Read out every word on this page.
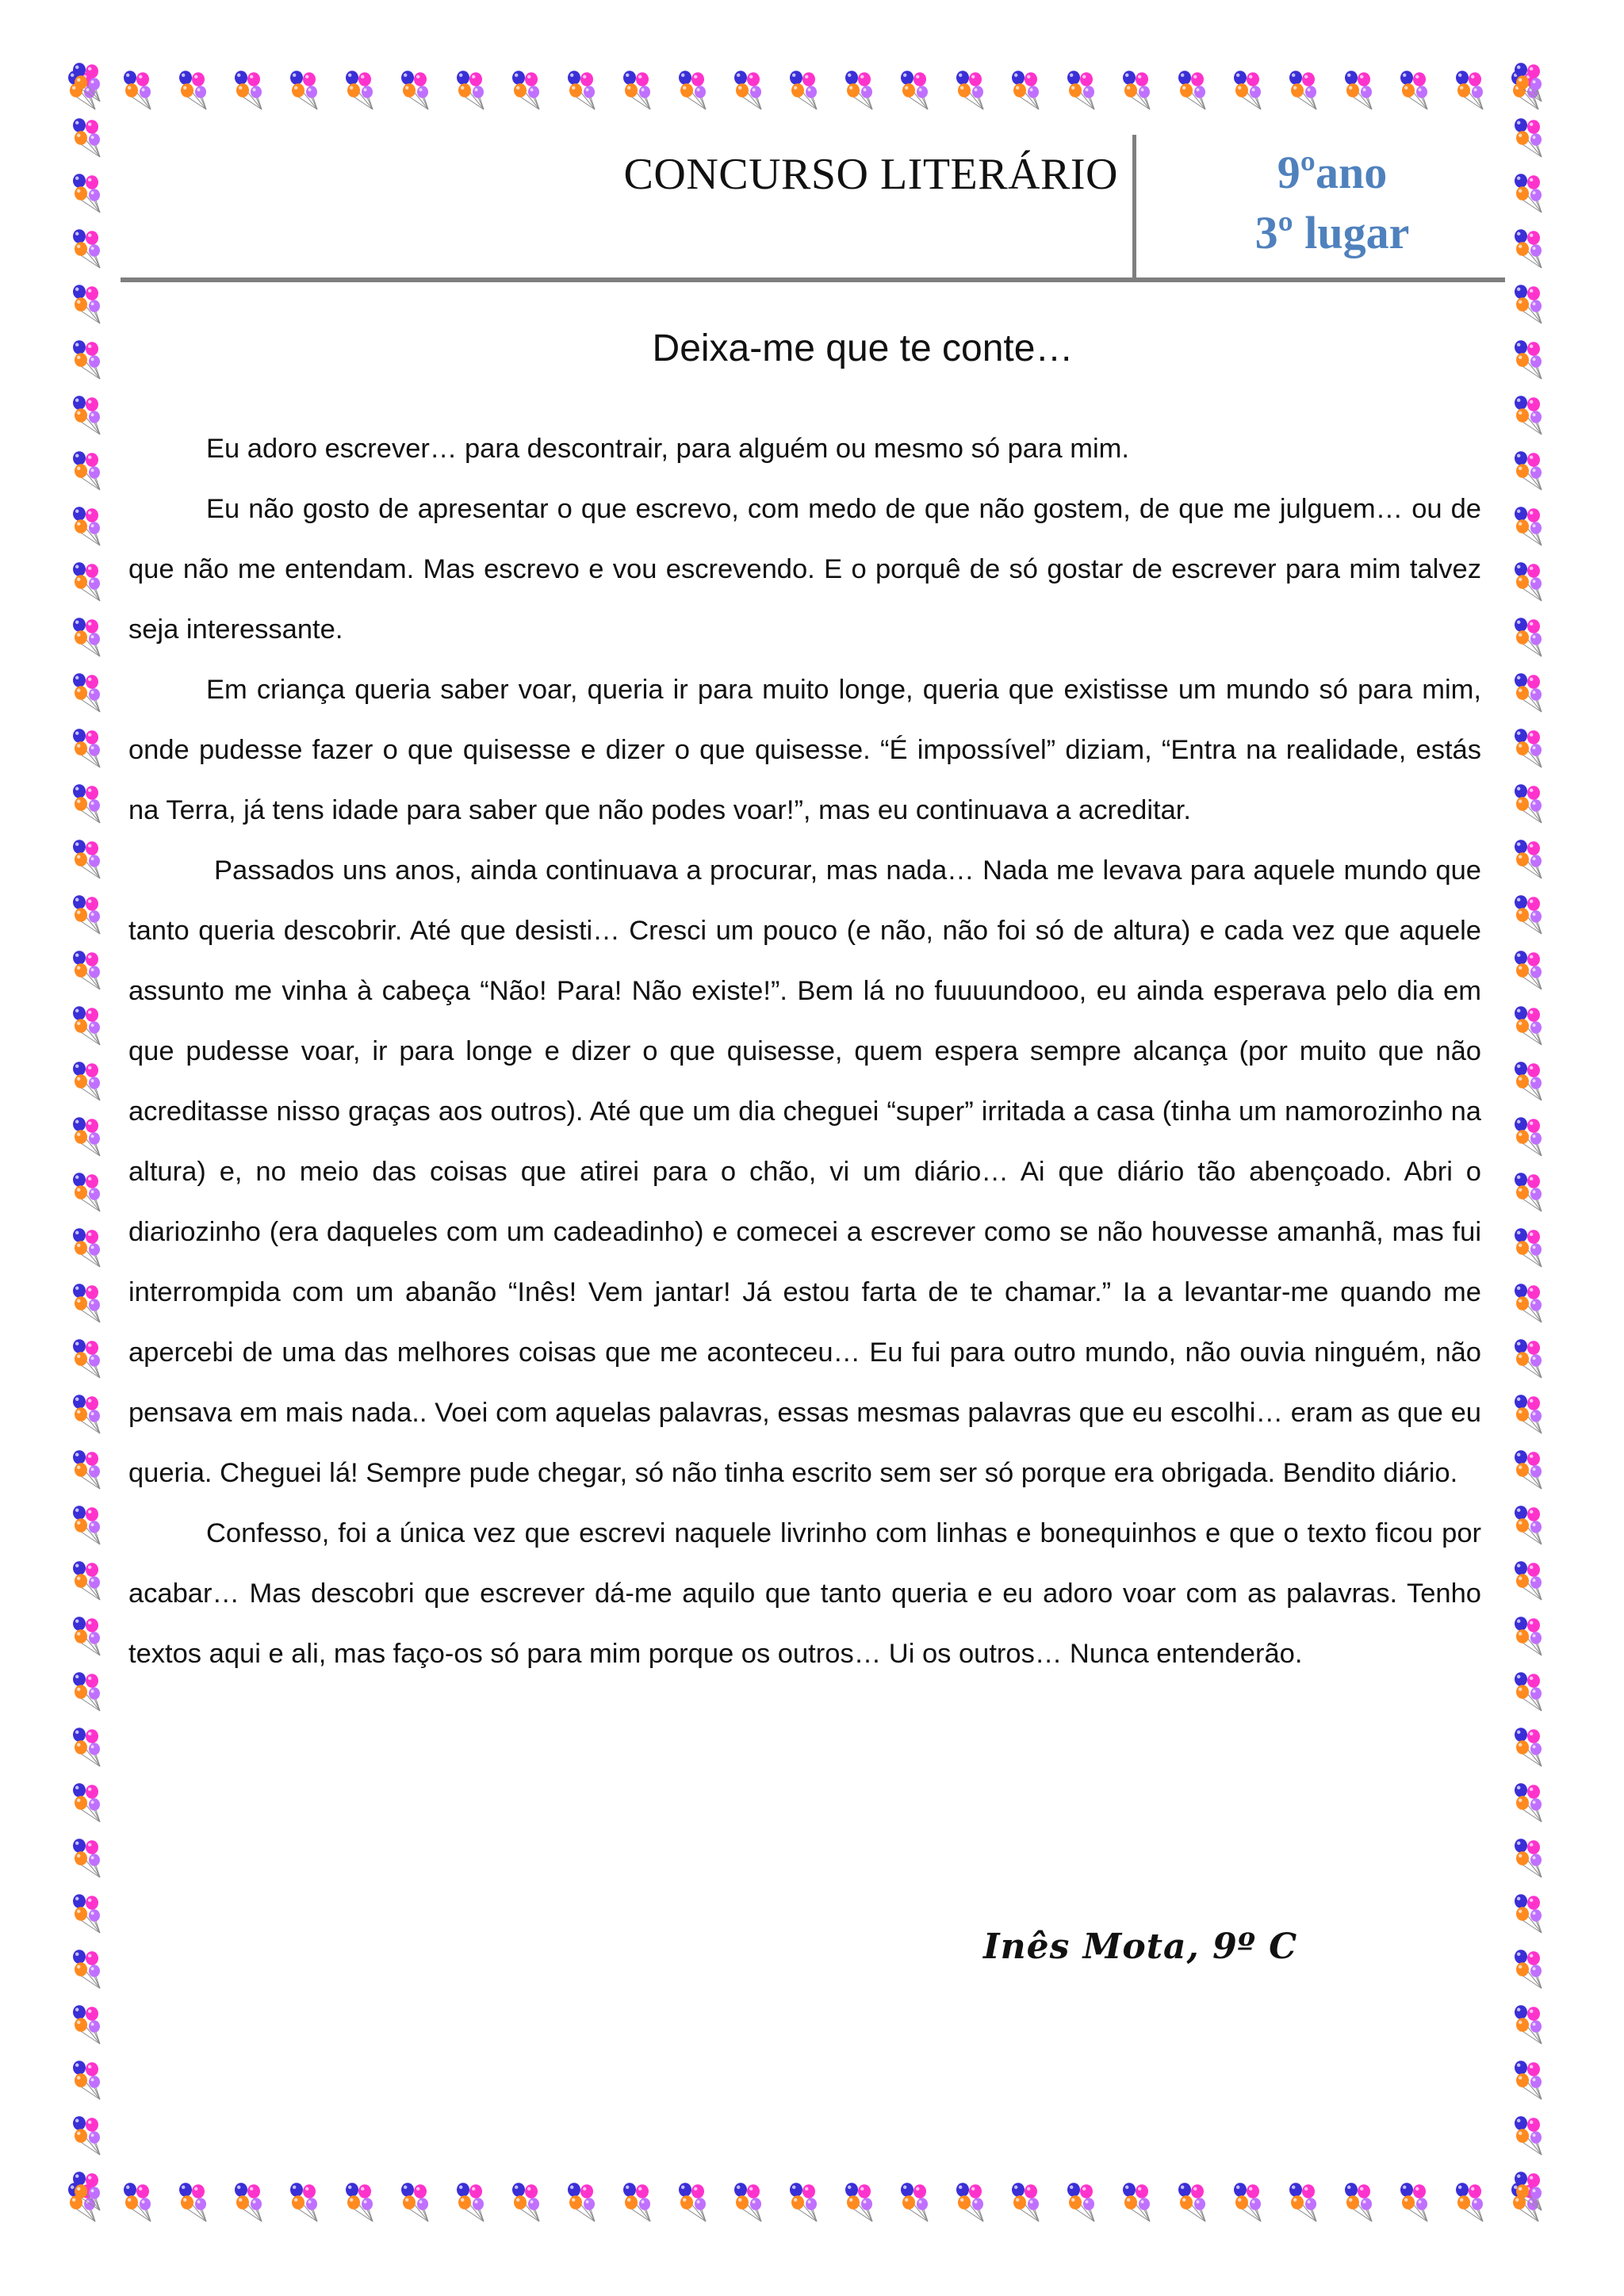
CONCURSO LITERÁRIO	9ºano
3º lugar
Deixa-me que te conte…

Eu adoro escrever… para descontrair, para alguém ou mesmo só para mim.

Eu não gosto de apresentar o que escrevo, com medo de que não gostem, de que me julguem… ou de que não me entendam. Mas escrevo e vou escrevendo. E o porquê de só gostar de escrever para mim talvez seja interessante.

Em criança queria saber voar, queria ir para muito longe, queria que existisse um mundo só para mim, onde pudesse fazer o que quisesse e dizer o que quisesse. “É impossível” diziam, “Entra na realidade, estás na Terra, já tens idade para saber que não podes voar!”, mas eu continuava a acreditar.

Passados uns anos, ainda continuava a procurar, mas nada… Nada me levava para aquele mundo que tanto queria descobrir. Até que desisti… Cresci um pouco (e não, não foi só de altura) e cada vez que aquele assunto me vinha à cabeça “Não! Para! Não existe!”. Bem lá no fuuuundooo, eu ainda esperava pelo dia em que pudesse voar, ir para longe e dizer o que quisesse, quem espera sempre alcança (por muito que não acreditasse nisso graças aos outros). Até que um dia cheguei “super” irritada a casa (tinha um namorozinho na altura) e, no meio das coisas que atirei para o chão, vi um diário… Ai que diário tão abençoado. Abri o diariozinho (era daqueles com um cadeadinho) e comecei a escrever como se não houvesse amanhã, mas fui interrompida com um abanão “Inês! Vem jantar! Já estou farta de te chamar.” Ia a levantar-me quando me apercebi de uma das melhores coisas que me aconteceu… Eu fui para outro mundo, não ouvia ninguém, não pensava em mais nada.. Voei com aquelas palavras, essas mesmas palavras que eu escolhi… eram as que eu queria. Cheguei lá! Sempre pude chegar, só não tinha escrito sem ser só porque era obrigada. Bendito diário.

Confesso, foi a única vez que escrevi naquele livrinho com linhas e bonequinhos e que o texto ficou por acabar… Mas descobri que escrever dá-me aquilo que tanto queria e eu adoro voar com as palavras. Tenho textos aqui e ali, mas faço-os só para mim porque os outros… Ui os outros… Nunca entenderão.

Inês Mota, 9º C
